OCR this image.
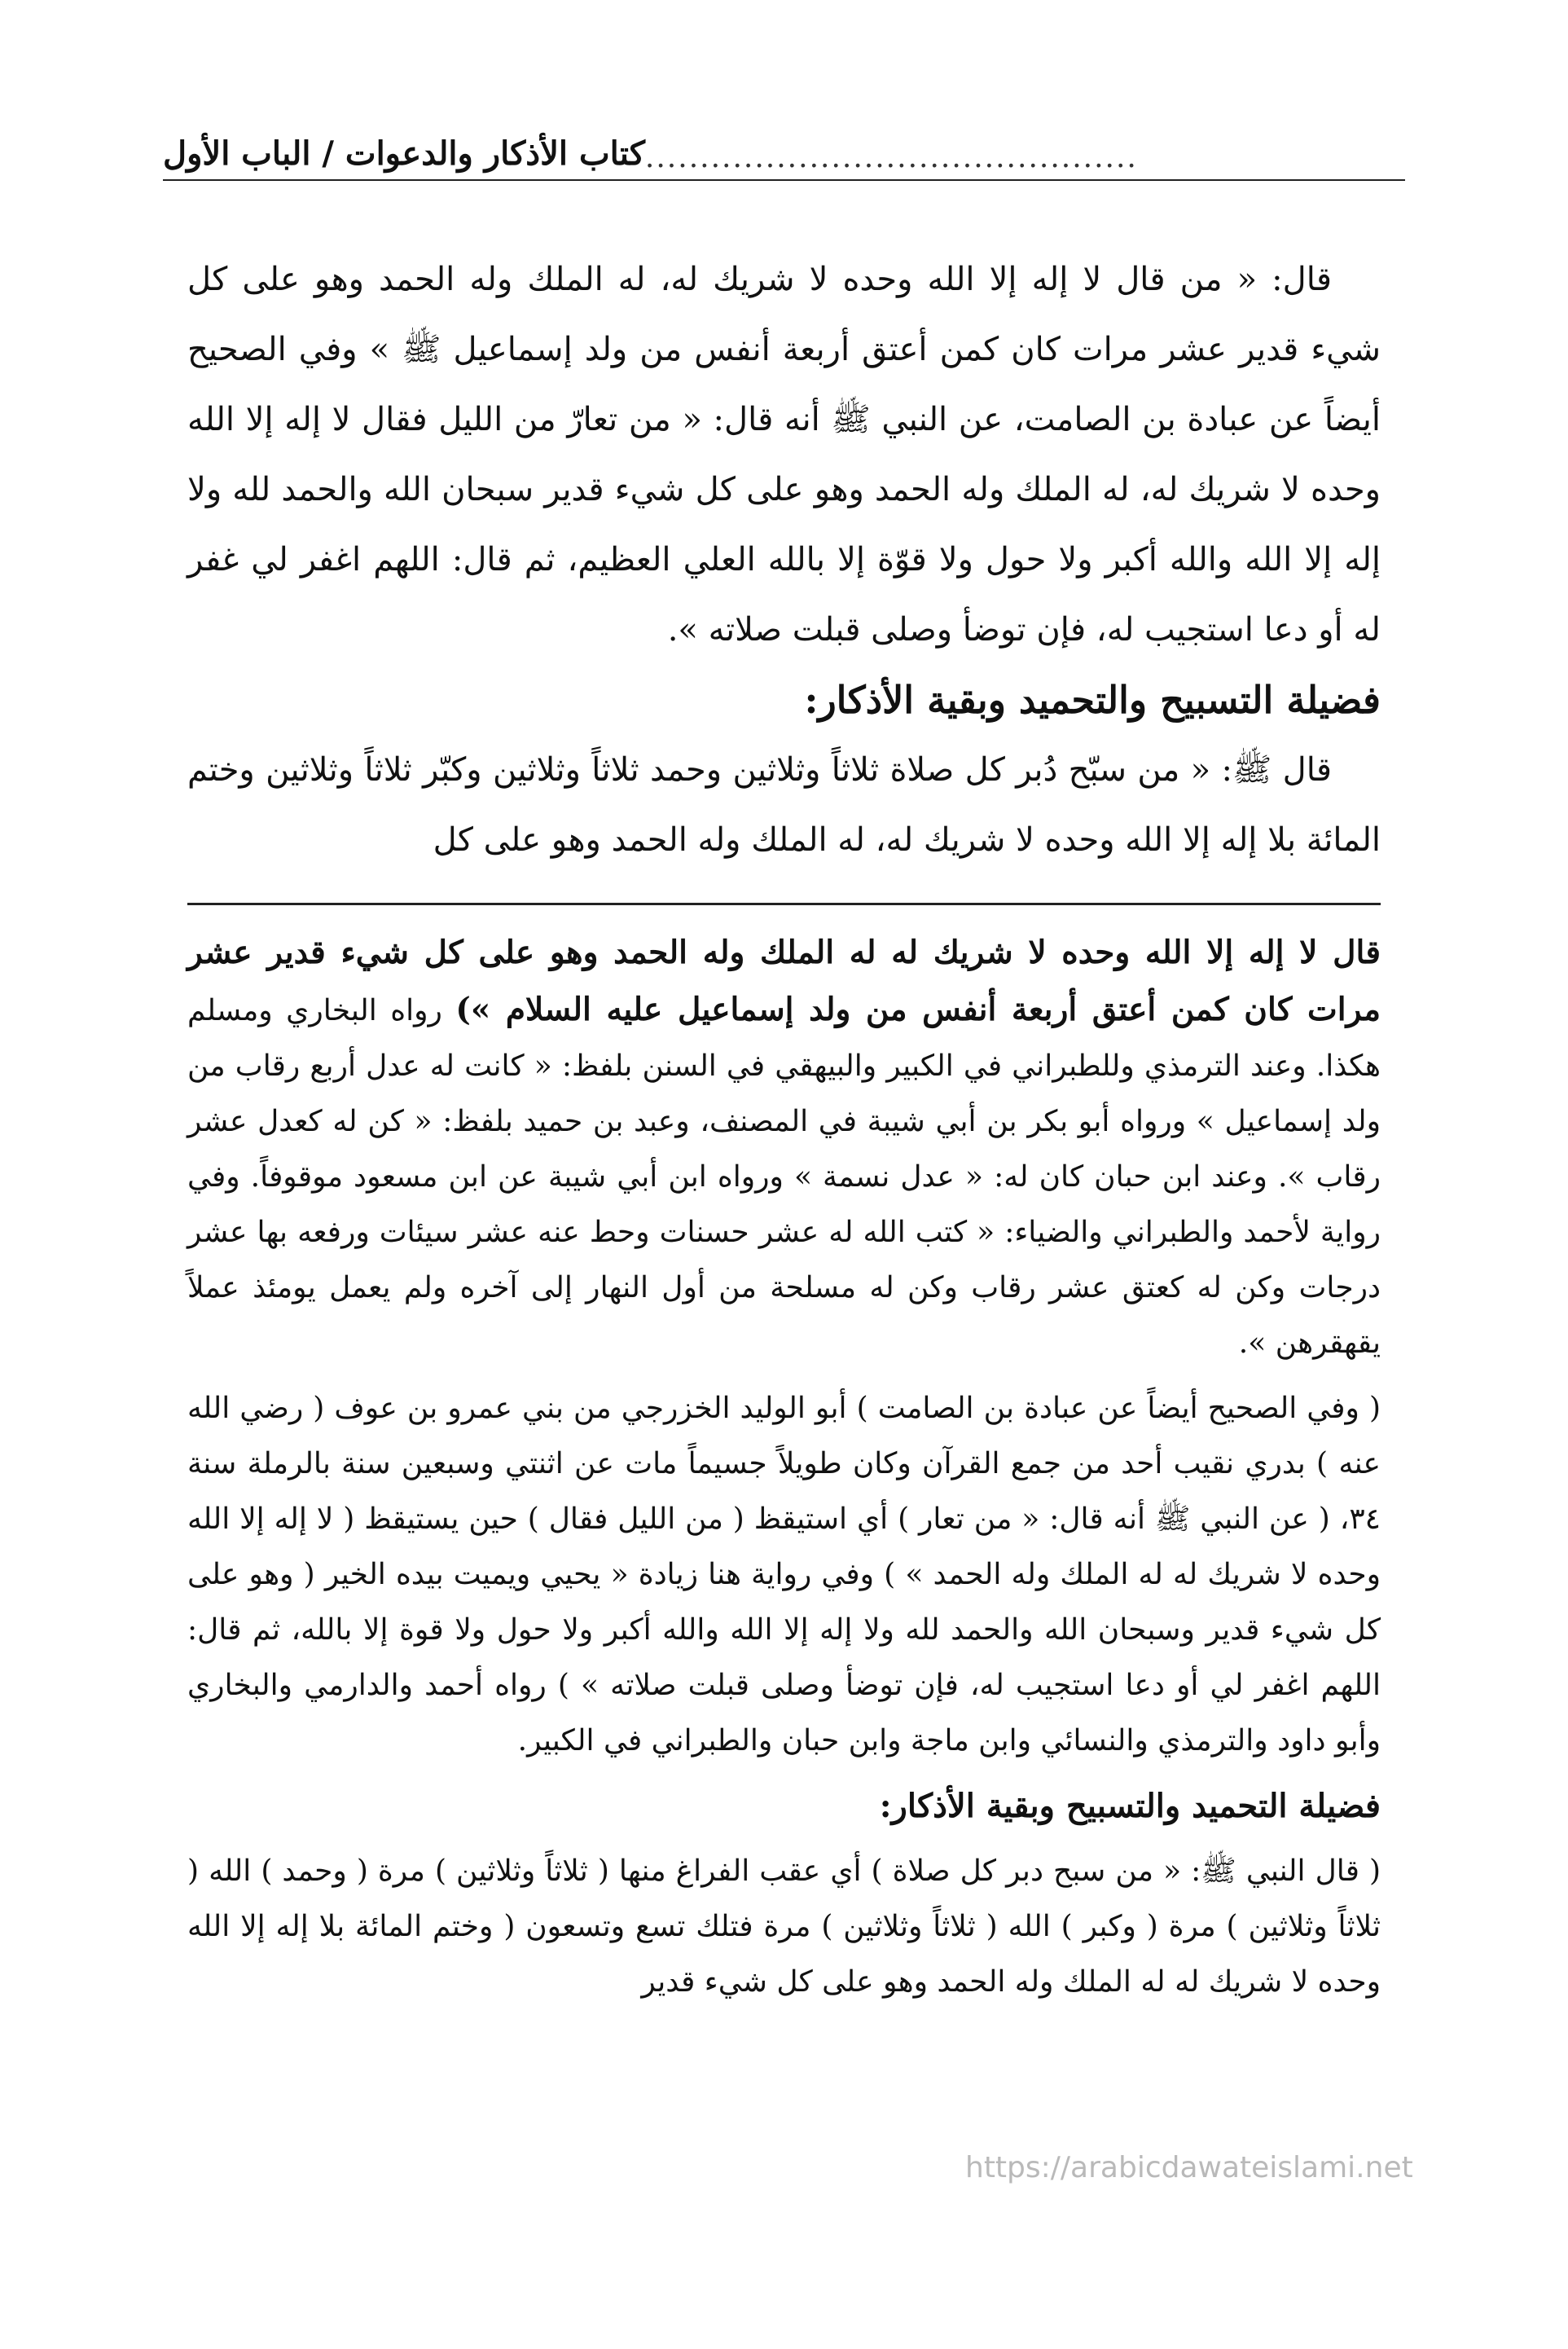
كتاب الأذكار والدعوات / الباب الأول .............................................

قال: « من قال لا إله إلا الله وحده لا شريك له، له الملك وله الحمد وهو على كل شيء قدير عشر مرات كان كمن أعتق أربعة أنفس من ولد إسماعيل ﷺ » وفي الصحيح أيضاً عن عبادة بن الصامت، عن النبي ﷺ أنه قال: « من تعارّ من الليل فقال لا إله إلا الله وحده لا شريك له، له الملك وله الحمد وهو على كل شيء قدير سبحان الله والحمد لله ولا إله إلا الله والله أكبر ولا حول ولا قوّة إلا بالله العلي العظيم، ثم قال: اللهم اغفر لي غفر له أو دعا استجيب له، فإن توضأ وصلى قبلت صلاته ».

فضيلة التسبيح والتحميد وبقية الأذكار:

قال ﷺ: « من سبّح دُبر كل صلاة ثلاثاً وثلاثين وحمد ثلاثاً وثلاثين وكبّر ثلاثاً وثلاثين وختم المائة بلا إله إلا الله وحده لا شريك له، له الملك وله الحمد وهو على كل

قال لا إله إلا الله وحده لا شريك له له الملك وله الحمد وهو على كل شيء قدير عشر مرات كان كمن أعتق أربعة أنفس من ولد إسماعيل عليه السلام ») رواه البخاري ومسلم هكذا. وعند الترمذي وللطبراني في الكبير والبيهقي في السنن بلفظ: « كانت له عدل أربع رقاب من ولد إسماعيل » ورواه أبو بكر بن أبي شيبة في المصنف، وعبد بن حميد بلفظ: « كن له كعدل عشر رقاب ». وعند ابن حبان كان له: « عدل نسمة » ورواه ابن أبي شيبة عن ابن مسعود موقوفاً. وفي رواية لأحمد والطبراني والضياء: « كتب الله له عشر حسنات وحط عنه عشر سيئات ورفعه بها عشر درجات وكن له كعتق عشر رقاب وكن له مسلحة من أول النهار إلى آخره ولم يعمل يومئذ عملاً يقهقرهن ».

( وفي الصحيح أيضاً عن عبادة بن الصامت ) أبو الوليد الخزرجي من بني عمرو بن عوف ( رضي الله عنه ) بدري نقيب أحد من جمع القرآن وكان طويلاً جسيماً مات عن اثنتي وسبعين سنة بالرملة سنة ٣٤، ( عن النبي ﷺ أنه قال: « من تعار ) أي استيقظ ( من الليل فقال ) حين يستيقظ ( لا إله إلا الله وحده لا شريك له له الملك وله الحمد » ) وفي رواية هنا زيادة « يحيي ويميت بيده الخير ( وهو على كل شيء قدير وسبحان الله والحمد لله ولا إله إلا الله والله أكبر ولا حول ولا قوة إلا بالله، ثم قال: اللهم اغفر لي أو دعا استجيب له، فإن توضأ وصلى قبلت صلاته » ) رواه أحمد والدارمي والبخاري وأبو داود والترمذي والنسائي وابن ماجة وابن حبان والطبراني في الكبير.

فضيلة التحميد والتسبيح وبقية الأذكار:

( قال النبي ﷺ: « من سبح دبر كل صلاة ) أي عقب الفراغ منها ( ثلاثاً وثلاثين ) مرة ( وحمد ) الله ( ثلاثاً وثلاثين ) مرة ( وكبر ) الله ( ثلاثاً وثلاثين ) مرة فتلك تسع وتسعون ( وختم المائة بلا إله إلا الله وحده لا شريك له له الملك وله الحمد وهو على كل شيء قدير

https://arabicdawateislami.net
